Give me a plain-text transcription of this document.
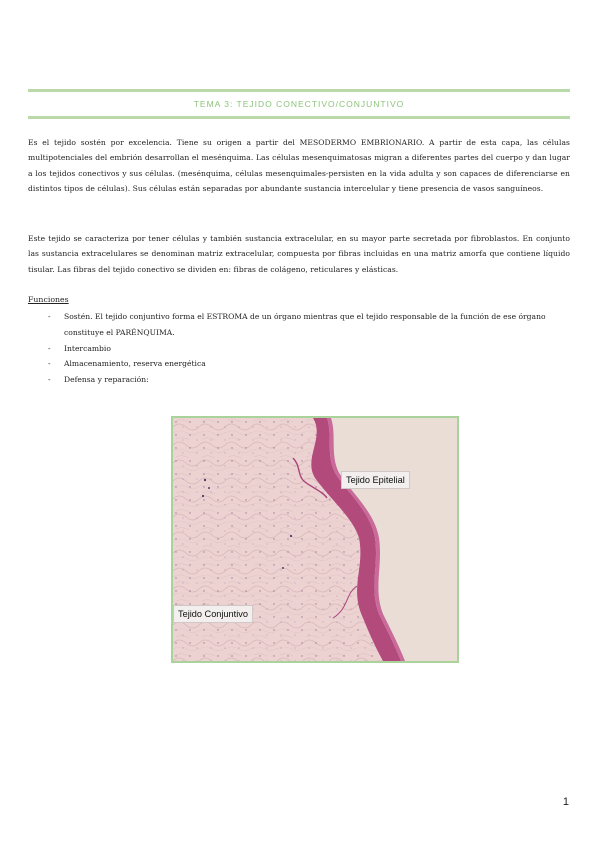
TEMA 3: TEJIDO CONECTIVO/CONJUNTIVO

Es el tejido sostén por excelencia. Tiene su origen a partir del MESODERMO EMBRIONARIO. A partir de esta capa, las células multipotenciales del embrión desarrollan el mesénquima. Las células mesenquimatosas migran a diferentes partes del cuerpo y dan lugar a los tejidos conectivos y sus células. (mesénquima, células mesenquimales-persisten en la vida adulta y son capaces de diferenciarse en distintos tipos de células). Sus células están separadas por abundante sustancia intercelular y tiene presencia de vasos sanguíneos.

Este tejido se caracteriza por tener células y también sustancia extracelular, en su mayor parte secretada por fibroblastos. En conjunto las sustancia extracelulares se denominan matriz extracelular, compuesta por fibras incluidas en una matriz amorfa que contiene líquido tisular. Las fibras del tejido conectivo se dividen en: fibras de colágeno, reticulares y elásticas.

Funciones
- Sostén. El tejido conjuntivo forma el ESTROMA de un órgano mientras que el tejido responsable de la función de ese órgano constituye el PARÉNQUIMA.
- Intercambio
- Almacenamiento, reserva energética
- Defensa y reparación:
Tejido Epitelial
Tejido Conjuntivo
1
